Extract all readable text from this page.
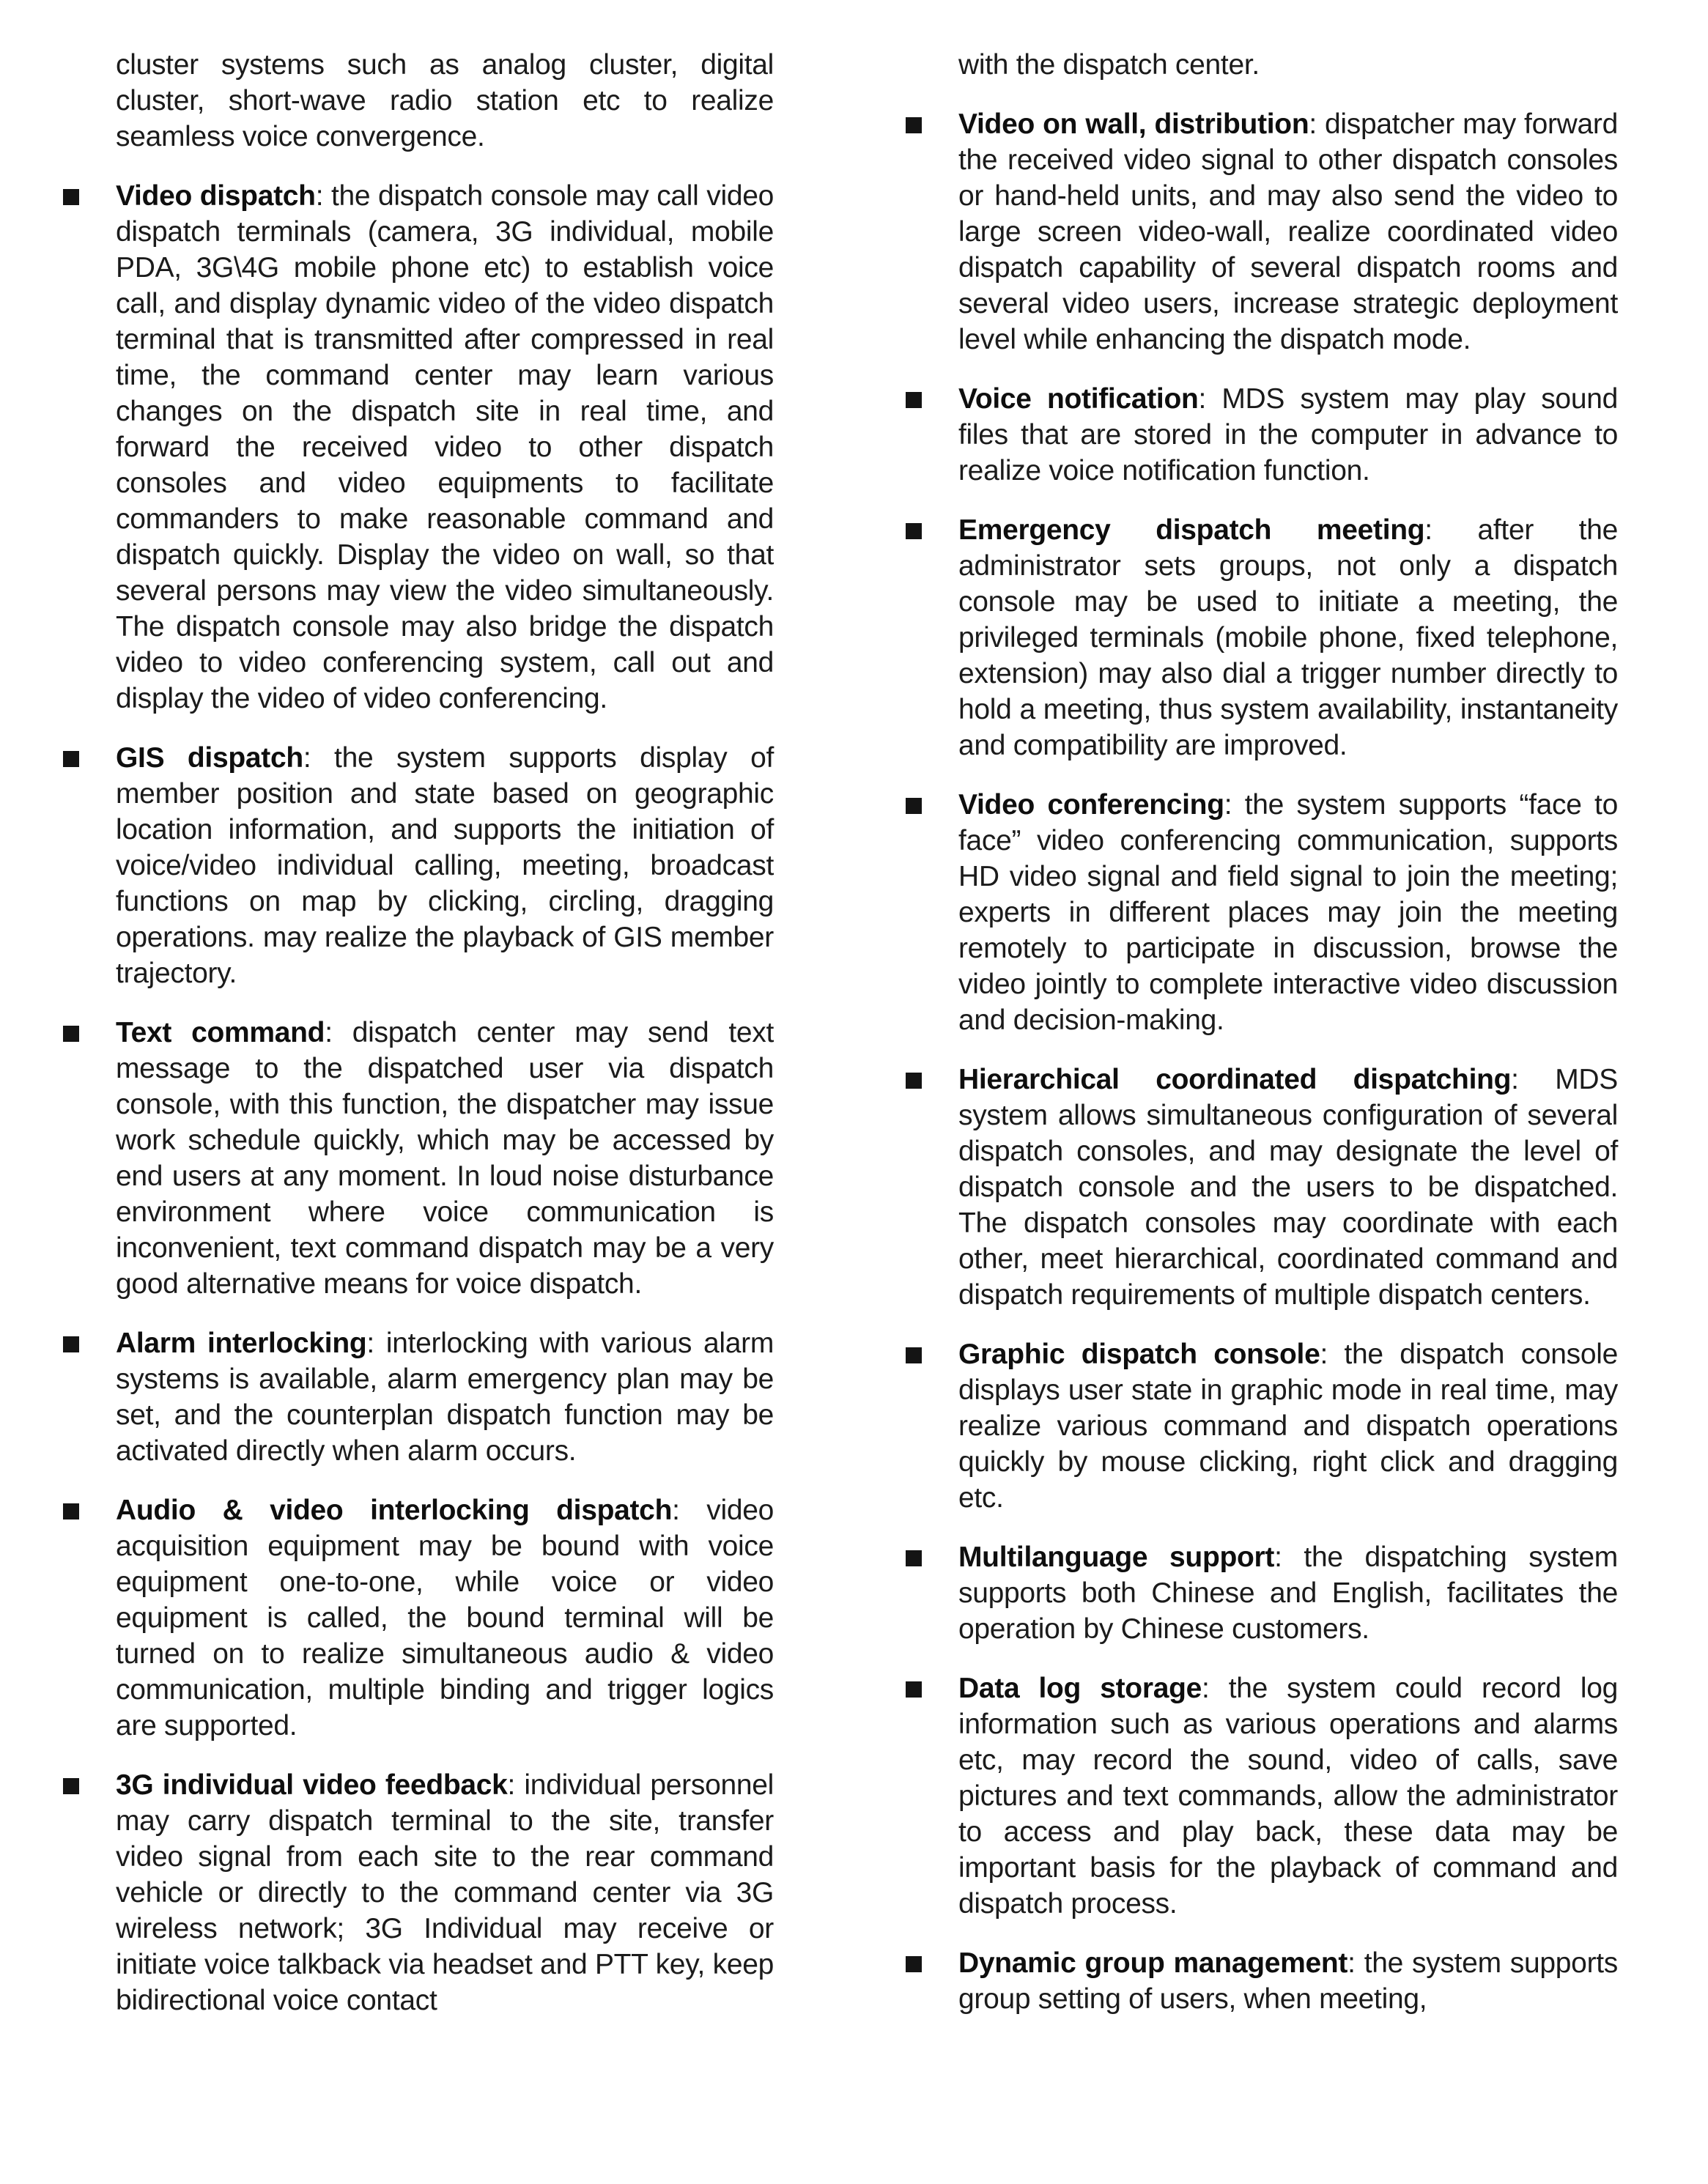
cluster systems such as analog cluster, digital cluster, short-wave radio station etc to realize seamless voice convergence.

Video dispatch: the dispatch console may call video dispatch terminals (camera, 3G individual, mobile PDA, 3G\4G mobile phone etc) to establish voice call, and display dynamic video of the video dispatch terminal that is transmitted after compressed in real time, the command center may learn various changes on the dispatch site in real time, and forward the received video to other dispatch consoles and video equipments to facilitate commanders to make reasonable command and dispatch quickly. Display the video on wall, so that several persons may view the video simultaneously. The dispatch console may also bridge the dispatch video to video conferencing system, call out and display the video of video conferencing.

GIS dispatch: the system supports display of member position and state based on geographic location information, and supports the initiation of voice/video individual calling, meeting, broadcast functions on map by clicking, circling, dragging operations. may realize the playback of GIS member trajectory.

Text command: dispatch center may send text message to the dispatched user via dispatch console, with this function, the dispatcher may issue work schedule quickly, which may be accessed by end users at any moment. In loud noise disturbance environment where voice communication is inconvenient, text command dispatch may be a very good alternative means for voice dispatch.

Alarm interlocking: interlocking with various alarm systems is available, alarm emergency plan may be set, and the counterplan dispatch function may be activated directly when alarm occurs.

Audio & video interlocking dispatch: video acquisition equipment may be bound with voice equipment one-to-one, while voice or video equipment is called, the bound terminal will be turned on to realize simultaneous audio & video communication, multiple binding and trigger logics are supported.

3G individual video feedback: individual personnel may carry dispatch terminal to the site, transfer video signal from each site to the rear command vehicle or directly to the command center via 3G wireless network; 3G Individual may receive or initiate voice talkback via headset and PTT key, keep bidirectional voice contact

with the dispatch center.

Video on wall, distribution: dispatcher may forward the received video signal to other dispatch consoles or hand-held units, and may also send the video to large screen video-wall, realize coordinated video dispatch capability of several dispatch rooms and several video users, increase strategic deployment level while enhancing the dispatch mode.

Voice notification: MDS system may play sound files that are stored in the computer in advance to realize voice notification function.

Emergency dispatch meeting: after the administrator sets groups, not only a dispatch console may be used to initiate a meeting, the privileged terminals (mobile phone, fixed telephone, extension) may also dial a trigger number directly to hold a meeting, thus system availability, instantaneity and compatibility are improved.

Video conferencing: the system supports “face to face” video conferencing communication, supports HD video signal and field signal to join the meeting; experts in different places may join the meeting remotely to participate in discussion, browse the video jointly to complete interactive video discussion and decision-making.

Hierarchical coordinated dispatching: MDS system allows simultaneous configuration of several dispatch consoles, and may designate the level of dispatch console and the users to be dispatched. The dispatch consoles may coordinate with each other, meet hierarchical, coordinated command and dispatch requirements of multiple dispatch centers.

Graphic dispatch console: the dispatch console displays user state in graphic mode in real time, may realize various command and dispatch operations quickly by mouse clicking, right click and dragging etc.

Multilanguage support: the dispatching system supports both Chinese and English, facilitates the operation by Chinese customers.

Data log storage: the system could record log information such as various operations and alarms etc, may record the sound, video of calls, save pictures and text commands, allow the administrator to access and play back, these data may be important basis for the playback of command and dispatch process.

Dynamic group management: the system supports group setting of users, when meeting,
